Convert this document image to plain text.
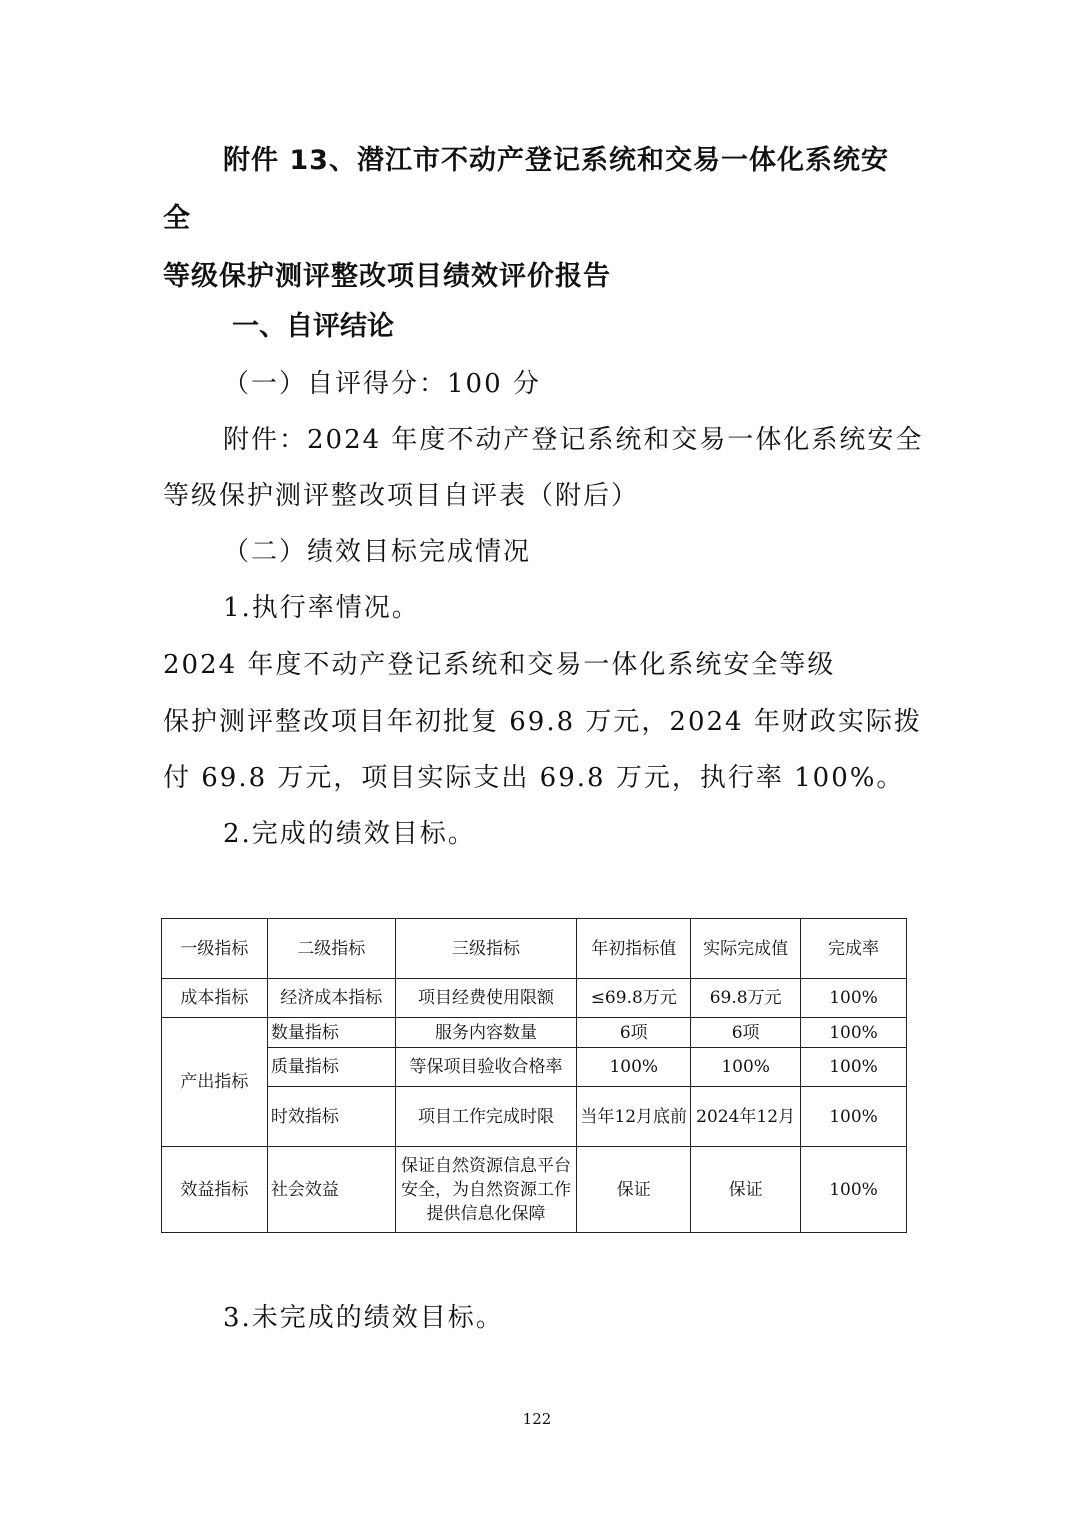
附件 13、潜江市不动产登记系统和交易一体化系统安全
等级保护测评整改项目绩效评价报告
一、自评结论
（一）自评得分：100 分
附件：2024 年度不动产登记系统和交易一体化系统安全
等级保护测评整改项目自评表（附后）
（二）绩效目标完成情况
1.执行率情况。
2024 年度不动产登记系统和交易一体化系统安全等级
保护测评整改项目年初批复 69.8 万元，2024 年财政实际拨
付 69.8 万元，项目实际支出 69.8 万元，执行率 100%。
2.完成的绩效目标。
一级指标	二级指标	三级指标	年初指标值	实际完成值	完成率
成本指标	经济成本指标	项目经费使用限额	≤69.8万元	69.8万元	100%
产出指标	数量指标	服务内容数量	6项	6项	100%
	质量指标	等保项目验收合格率	100%	100%	100%
	时效指标	项目工作完成时限	当年12月底前	2024年12月	100%
效益指标	社会效益	保证自然资源信息平台安全，为自然资源工作提供信息化保障	保证	保证	100%
3.未完成的绩效目标。
122
